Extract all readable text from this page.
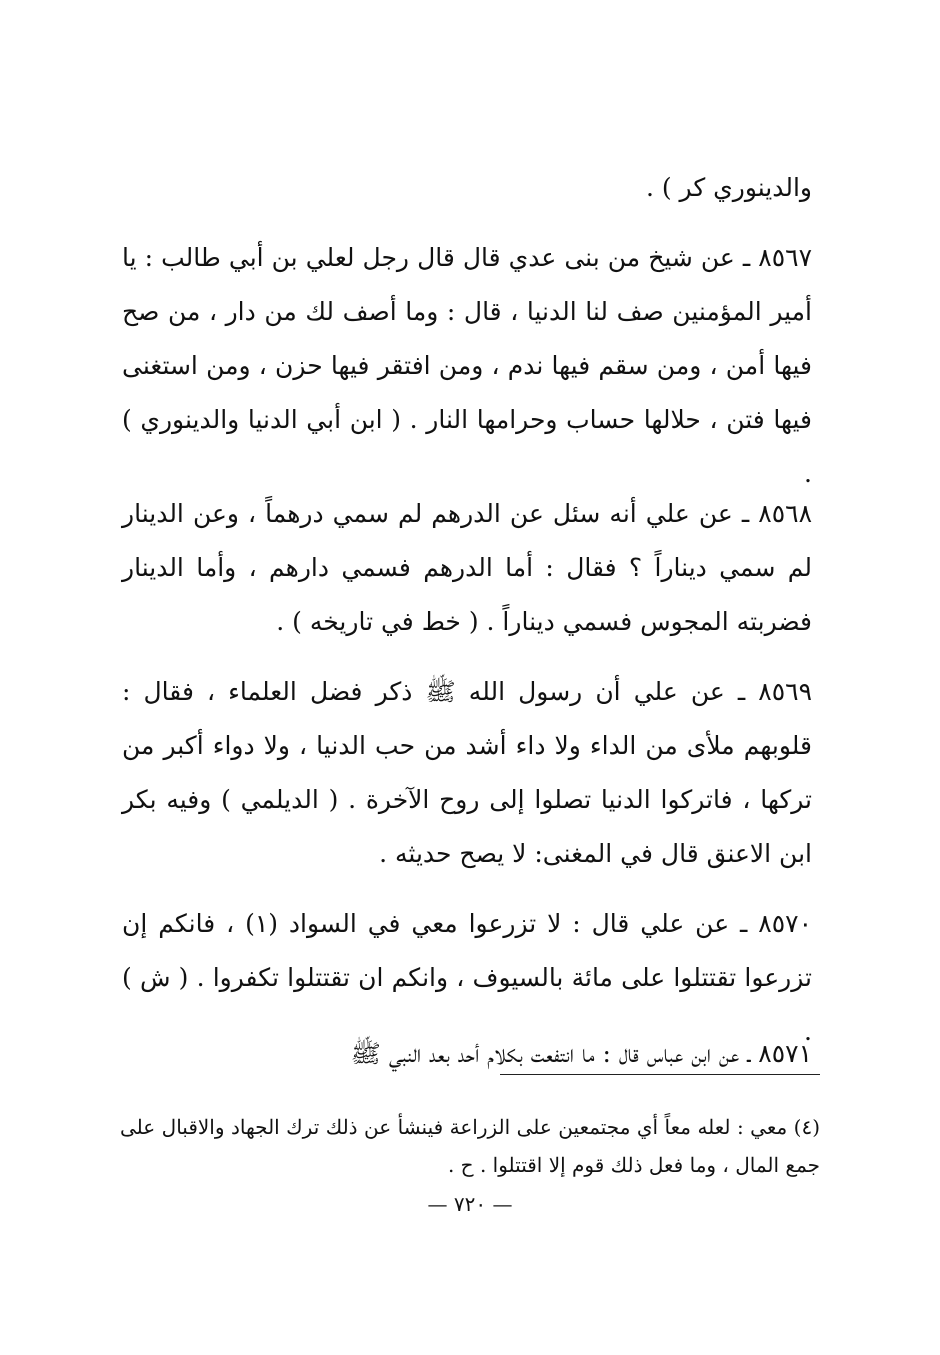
والدينوري كر ) .

٨٥٦٧ ـ عن شيخ من بنى عدي قال قال رجل لعلي بن أبي طالب : يا أمير المؤمنين صف لنا الدنيا ، قال : وما أصف لك من دار ، من صح فيها أمن ، ومن سقم فيها ندم ، ومن افتقر فيها حزن ، ومن استغنى فيها فتن ، حلالها حساب وحرامها النار . ( ابن أبي الدنيا والدينوري ) .

٨٥٦٨ ـ عن علي أنه سئل عن الدرهم لم سمي درهماً ، وعن الدينار لم سمي ديناراً ؟ فقال : أما الدرهم فسمي دارهم ، وأما الدينار فضربته المجوس فسمي ديناراً . ( خط في تاريخه ) .

٨٥٦٩ ـ عن علي أن رسول الله ﷺ ذكر فضل العلماء ، فقال : قلوبهم ملأى من الداء ولا داء أشد من حب الدنيا ، ولا دواء أكبر من تركها ، فاتركوا الدنيا تصلوا إلى روح الآخرة . ( الديلمي ) وفيه بكر ابن الاعنق قال في المغنى: لا يصح حديثه .

٨٥٧٠ ـ عن علي قال : لا تزرعوا معي في السواد (١) ، فانكم إن تزرعوا تقتتلوا على مائة بالسيوف ، وانكم ان تقتتلوا تكفروا . ( ش ) .

٨٥٧١ ـ عن ابن عباس قال : ما انتفعت بكلام أحد بعد النبي ﷺ

(٤) معي : لعله معاً أي مجتمعين على الزراعة فينشأ عن ذلك ترك الجهاد والاقبال على جمع المال ، وما فعل ذلك قوم إلا اقتتلوا . ح .

— ٧٢٠ —
